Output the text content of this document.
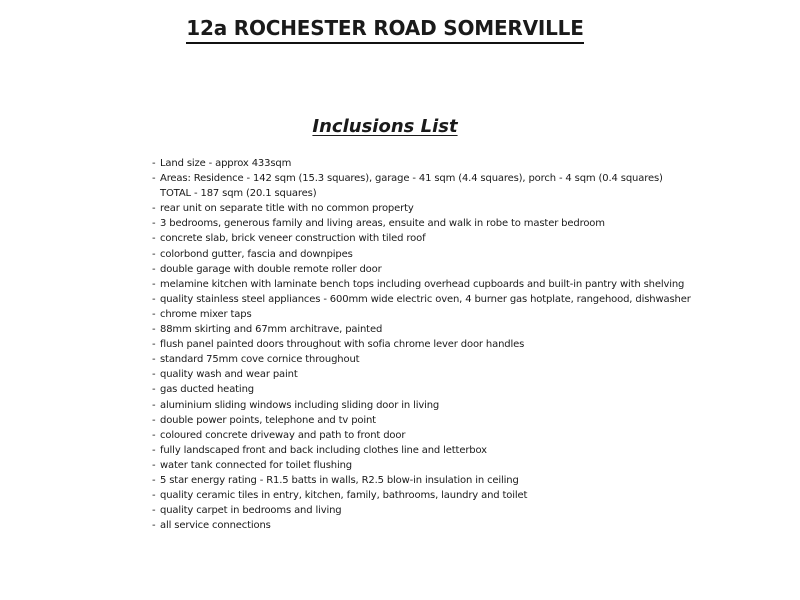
12a ROCHESTER ROAD SOMERVILLE
Inclusions List
- Land size - approx 433sqm
- Areas: Residence - 142 sqm (15.3 squares), garage - 41 sqm (4.4 squares), porch - 4 sqm (0.4 squares)
TOTAL - 187 sqm (20.1 squares)
- rear unit on separate title with no common property
- 3 bedrooms, generous family and living areas, ensuite and walk in robe to master bedroom
- concrete slab, brick veneer construction with tiled roof
- colorbond gutter, fascia and downpipes
- double garage with double remote roller door
- melamine kitchen with laminate bench tops including overhead cupboards and built-in pantry with shelving
- quality stainless steel appliances - 600mm wide electric oven, 4 burner gas hotplate, rangehood, dishwasher
- chrome mixer taps
- 88mm skirting and 67mm architrave, painted
- flush panel painted doors throughout with sofia chrome lever door handles
- standard 75mm cove cornice throughout
- quality wash and wear paint
- gas ducted heating
- aluminium sliding windows including sliding door in living
- double power points, telephone and tv point
- coloured concrete driveway and path to front door
- fully landscaped front and back including clothes line and letterbox
- water tank connected for toilet flushing
- 5 star energy rating - R1.5 batts in walls, R2.5 blow-in insulation in ceiling
- quality ceramic tiles in entry, kitchen, family, bathrooms, laundry and toilet
- quality carpet in bedrooms and living
- all service connections
